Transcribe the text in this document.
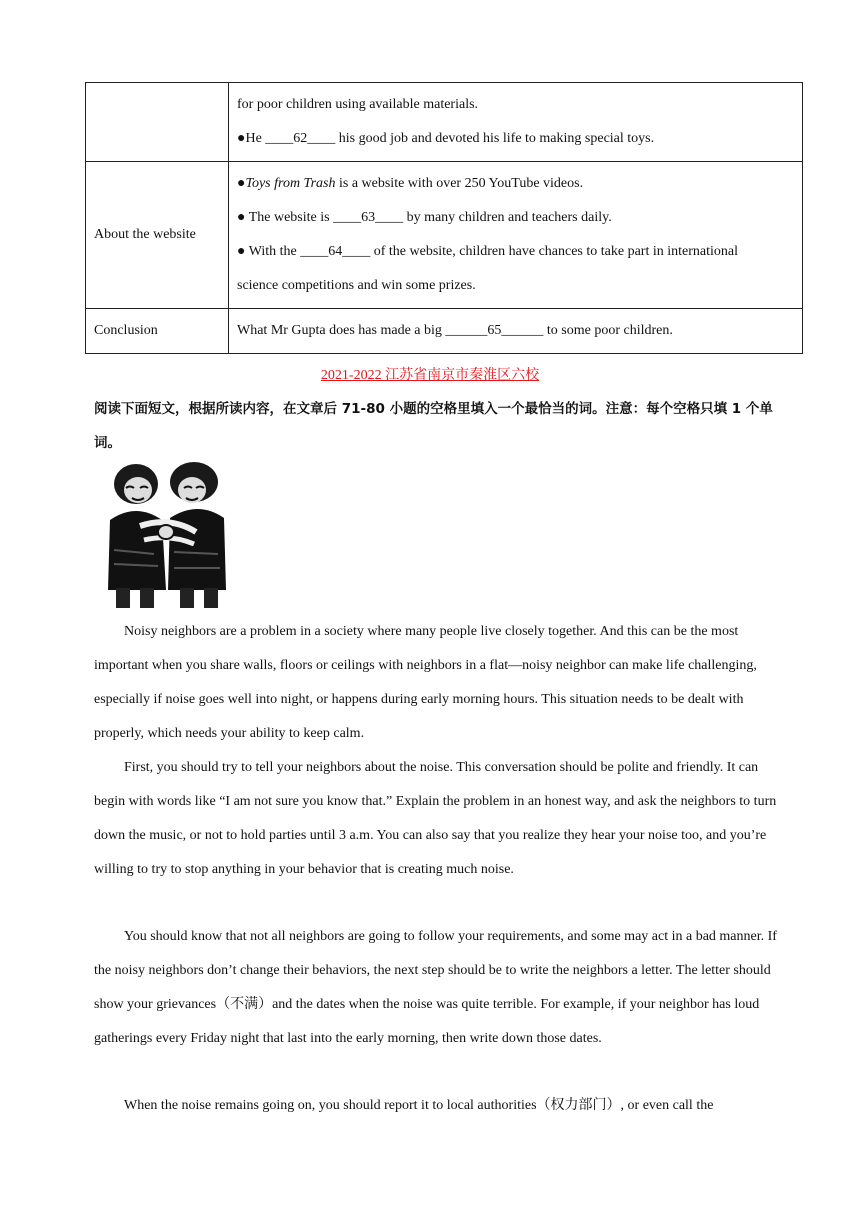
	for poor children using available materials.
●He ____62____ his good job and devoted his life to making special toys.

About the website	●Toys from Trash is a website with over 250 YouTube videos.
● The website is ____63____ by many children and teachers daily.
● With the ____64____ of the website, children have chances to take part in international
science competitions and win some prizes.

Conclusion	What Mr Gupta does has made a big ______65______ to some poor children.
2021-2022 江苏省南京市秦淮区六校
阅读下面短文，根据所读内容，在文章后 71-80 小题的空格里填入一个最恰当的词。注意：每个空格只填 1 个单词。

Noisy neighbors are a problem in a society where many people live closely together. And this can be the most important when you share walls, floors or ceilings with neighbors in a flat—noisy neighbor can make life challenging, especially if noise goes well into night, or happens during early morning hours. This situation needs to be dealt with properly, which needs your ability to keep calm.

First, you should try to tell your neighbors about the noise. This conversation should be polite and friendly. It can begin with words like “I am not sure you know that.” Explain the problem in an honest way, and ask the neighbors to turn down the music, or not to hold parties until 3 a.m. You can also say that you realize they hear your noise too, and you’re willing to try to stop anything in your behavior that is creating much noise.

You should know that not all neighbors are going to follow your requirements, and some may act in a bad manner. If the noisy neighbors don’t change their behaviors, the next step should be to write the neighbors a letter. The letter should show your grievances（不满）and the dates when the noise was quite terrible. For example, if your neighbor has loud gatherings every Friday night that last into the early morning, then write down those dates.

When the noise remains going on, you should report it to local authorities（权力部门）, or even call the
